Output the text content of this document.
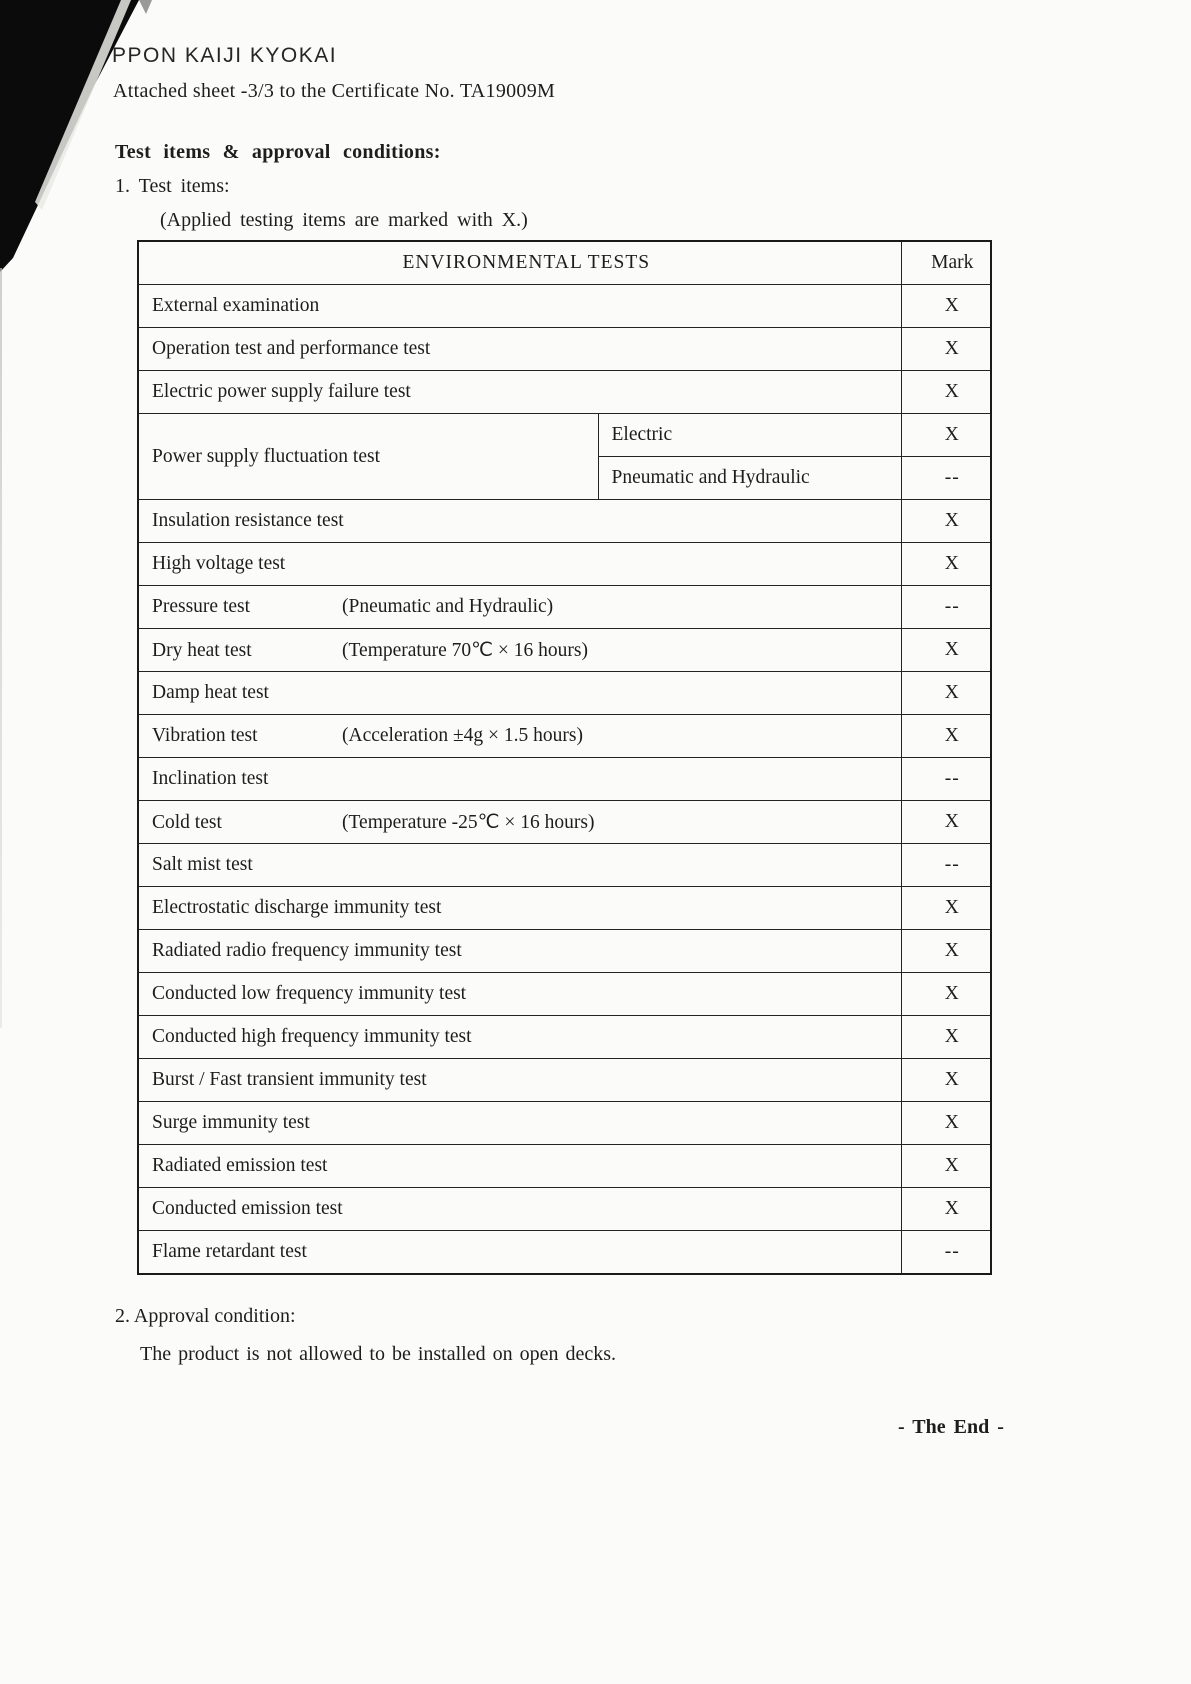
PPON KAIJI KYOKAI
Attached sheet -3/3 to the Certificate No. TA19009M
Test items & approval conditions:
1. Test items:
(Applied testing items are marked with X.)
ENVIRONMENTAL TESTS		Mark
External examination		X
Operation test and performance test		X
Electric power supply failure test		X
Power supply fluctuation test	Electric	X
	Pneumatic and Hydraulic	--
Insulation resistance test		X
High voltage test		X
Pressure test (Pneumatic and Hydraulic)		--
Dry heat test (Temperature 70℃ × 16 hours)		X
Damp heat test		X
Vibration test (Acceleration ±4g × 1.5 hours)		X
Inclination test		--
Cold test (Temperature -25℃ × 16 hours)		X
Salt mist test		--
Electrostatic discharge immunity test		X
Radiated radio frequency immunity test		X
Conducted low frequency immunity test		X
Conducted high frequency immunity test		X
Burst / Fast transient immunity test		X
Surge immunity test		X
Radiated emission test		X
Conducted emission test		X
Flame retardant test		--
2. Approval condition:
The product is not allowed to be installed on open decks.
- The End -
